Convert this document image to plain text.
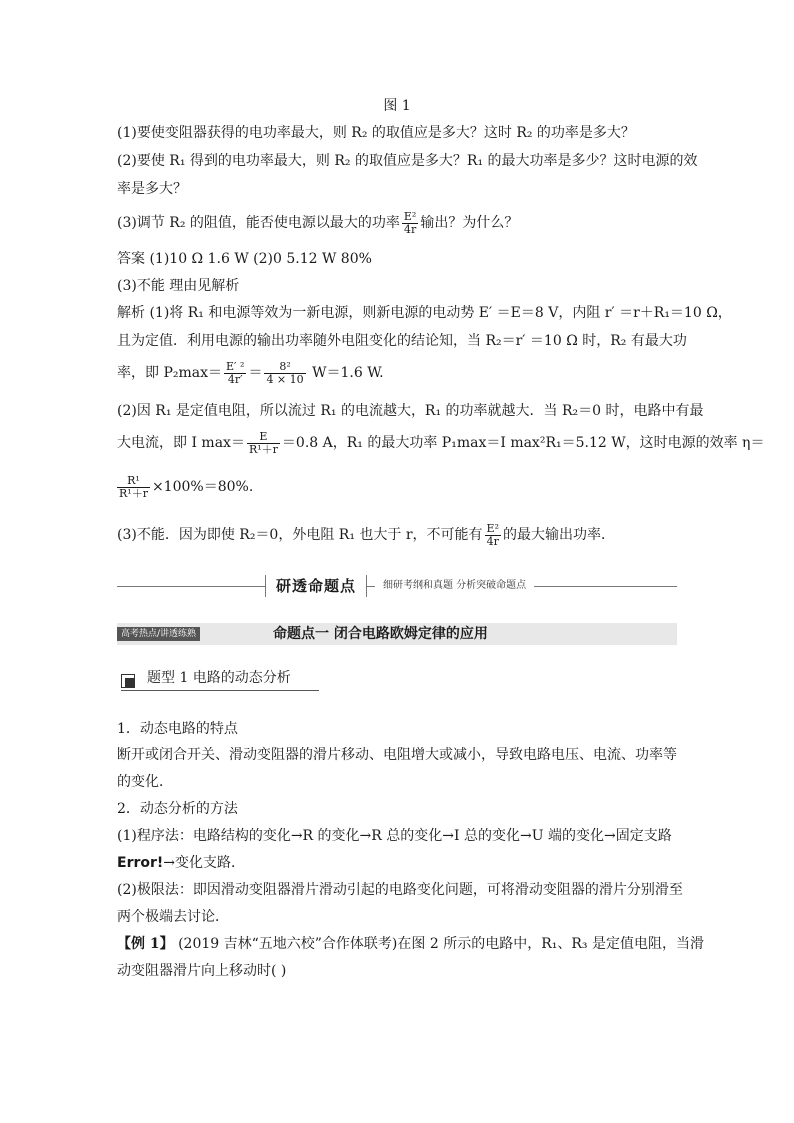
图 1
(1)要使变阻器获得的电功率最大，则 R₂ 的取值应是多大？这时 R₂ 的功率是多大？
(2)要使 R₁ 得到的电功率最大，则 R₂ 的取值应是多大？R₁ 的最大功率是多少？这时电源的效
率是多大？
(3)调节 R₂ 的阻值，能否使电源以最大的功率 $\frac{\text{E²}}{4r}$ 输出？为什么？
答案 (1)10 Ω 1.6 W (2)0 5.12 W 80%
(3)不能 理由见解析
解析 (1)将 R₁ 和电源等效为一新电源，则新电源的电动势 E′ ＝E＝8 V，内阻 r′ ＝r＋R₁＝10 Ω，
且为定值．利用电源的输出功率随外电阻变化的结论知，当 R₂＝r′ ＝10 Ω 时，R₂ 有最大功
率，即 $P_2\max= \frac{\text{E′ ²}}{4r'} = \frac{\text{8²}}{4 \times 10} W=1.6$ W.
(2)因 R₁ 是定值电阻，所以流过 R₁ 的电流越大，R₁ 的功率就越大．当 R₂＝0 时，电路中有最
大电流，即 I $\max= \frac{E}{\text{R¹＋r}} =0.8$ A，R₁ 的最大功率 P₁max＝I max²R₁＝5.12 W，这时电源的效率 η＝
$\frac{\text{R¹}}{\text{R¹＋r}} \times 100\%=80\%$.
(3)不能．因为即使 R₂＝0，外电阻 R₁ 也大于 r，不可能有 $\frac{\text{E²}}{4r}$ 的最大输出功率．
研透命题点	细研考纲和真题 分析突破命题点
高考热点/讲透练熟	命题点一 闭合电路欧姆定律的应用
题型 1 电路的动态分析
1．动态电路的特点
断开或闭合开关、滑动变阻器的滑片移动、电阻增大或减小，导致电路电压、电流、功率等
的变化．
2．动态分析的方法
(1)程序法：电路结构的变化→R 的变化→R 总的变化→I 总的变化→U 端的变化→固定支路
Error!→变化支路．
(2)极限法：即因滑动变阻器滑片滑动引起的电路变化问题，可将滑动变阻器的滑片分别滑至
两个极端去讨论．
【例 1】 (2019 吉林“五地六校”合作体联考)在图 2 所示的电路中，R₁、R₃ 是定值电阻，当滑
动变阻器滑片向上移动时( )
